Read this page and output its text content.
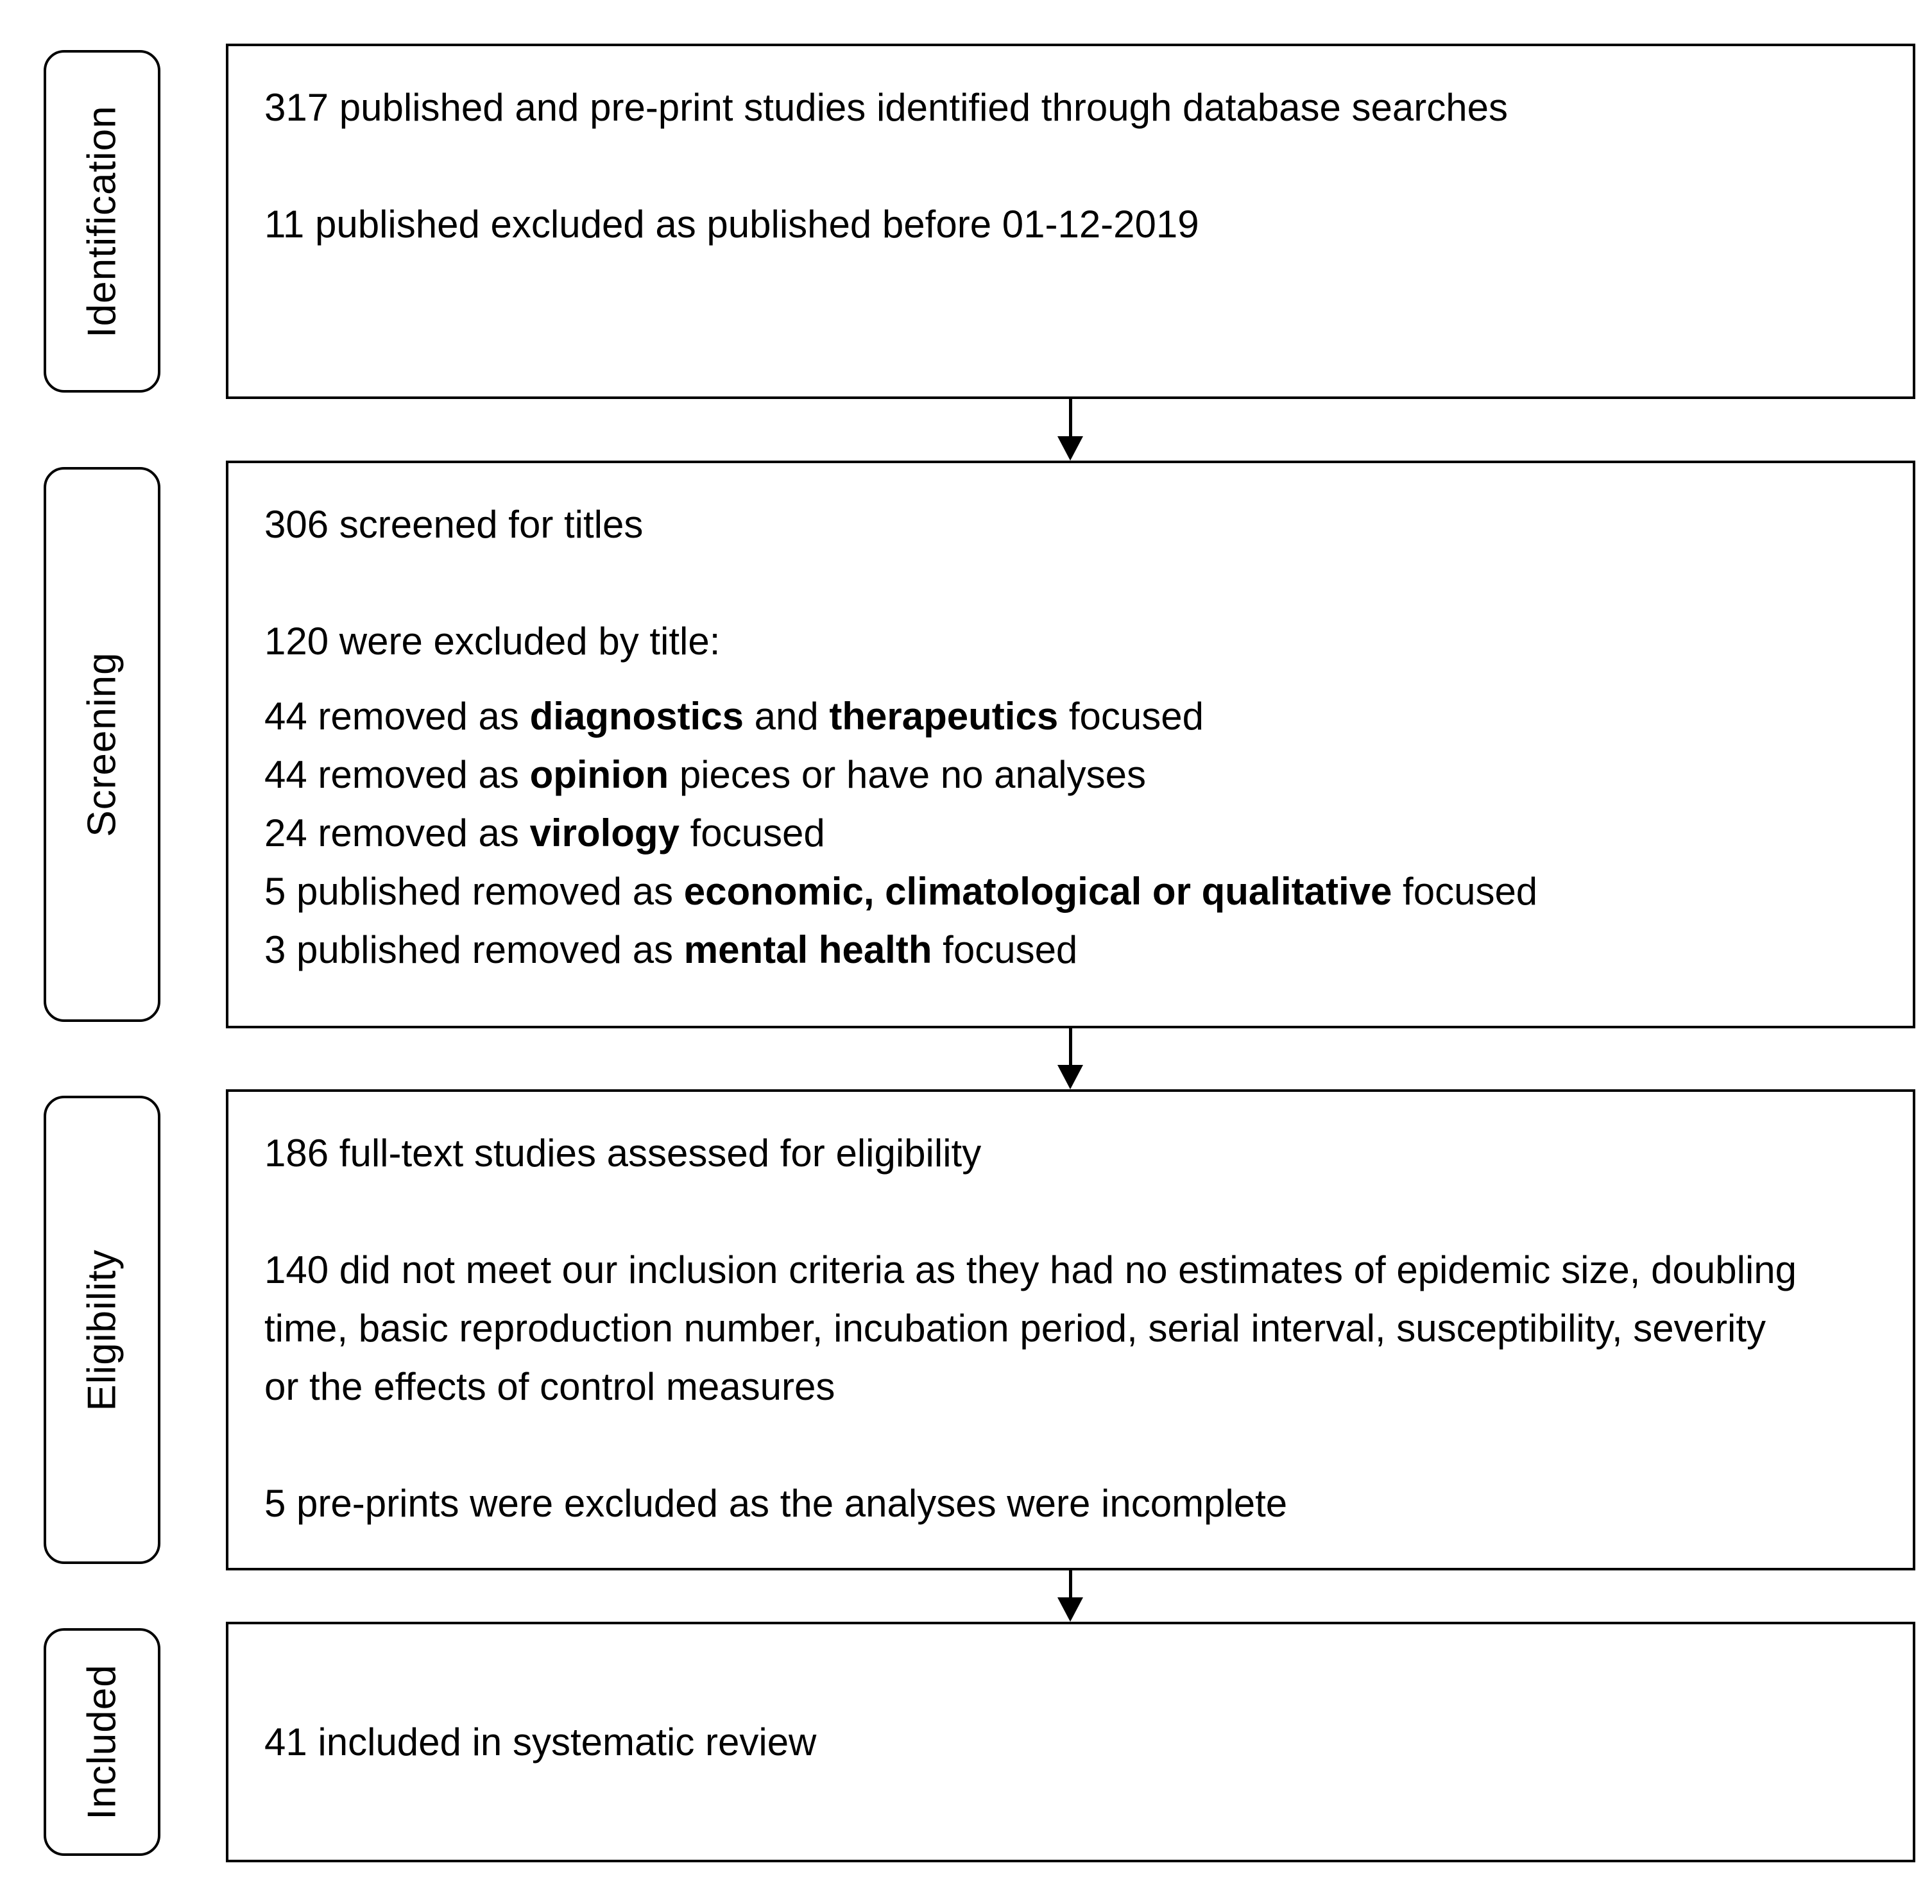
Identification	317 published and pre-print studies identified through database searches

11 published excluded as published before 01-12-2019

Screening

306 screened for titles

120 were excluded by title:

44 removed as diagnostics and therapeutics focused
44 removed as opinion pieces or have no analyses
24 removed as virology focused
5 published removed as economic, climatological or qualitative focused
3 published removed as mental health focused

Eligibility

186 full-text studies assessed for eligibility

140 did not meet our inclusion criteria as they had no estimates of epidemic size, doubling time, basic reproduction number, incubation period, serial interval, susceptibility, severity or the effects of control measures

5 pre-prints were excluded as the analyses were incomplete

Included	41 included in systematic review
